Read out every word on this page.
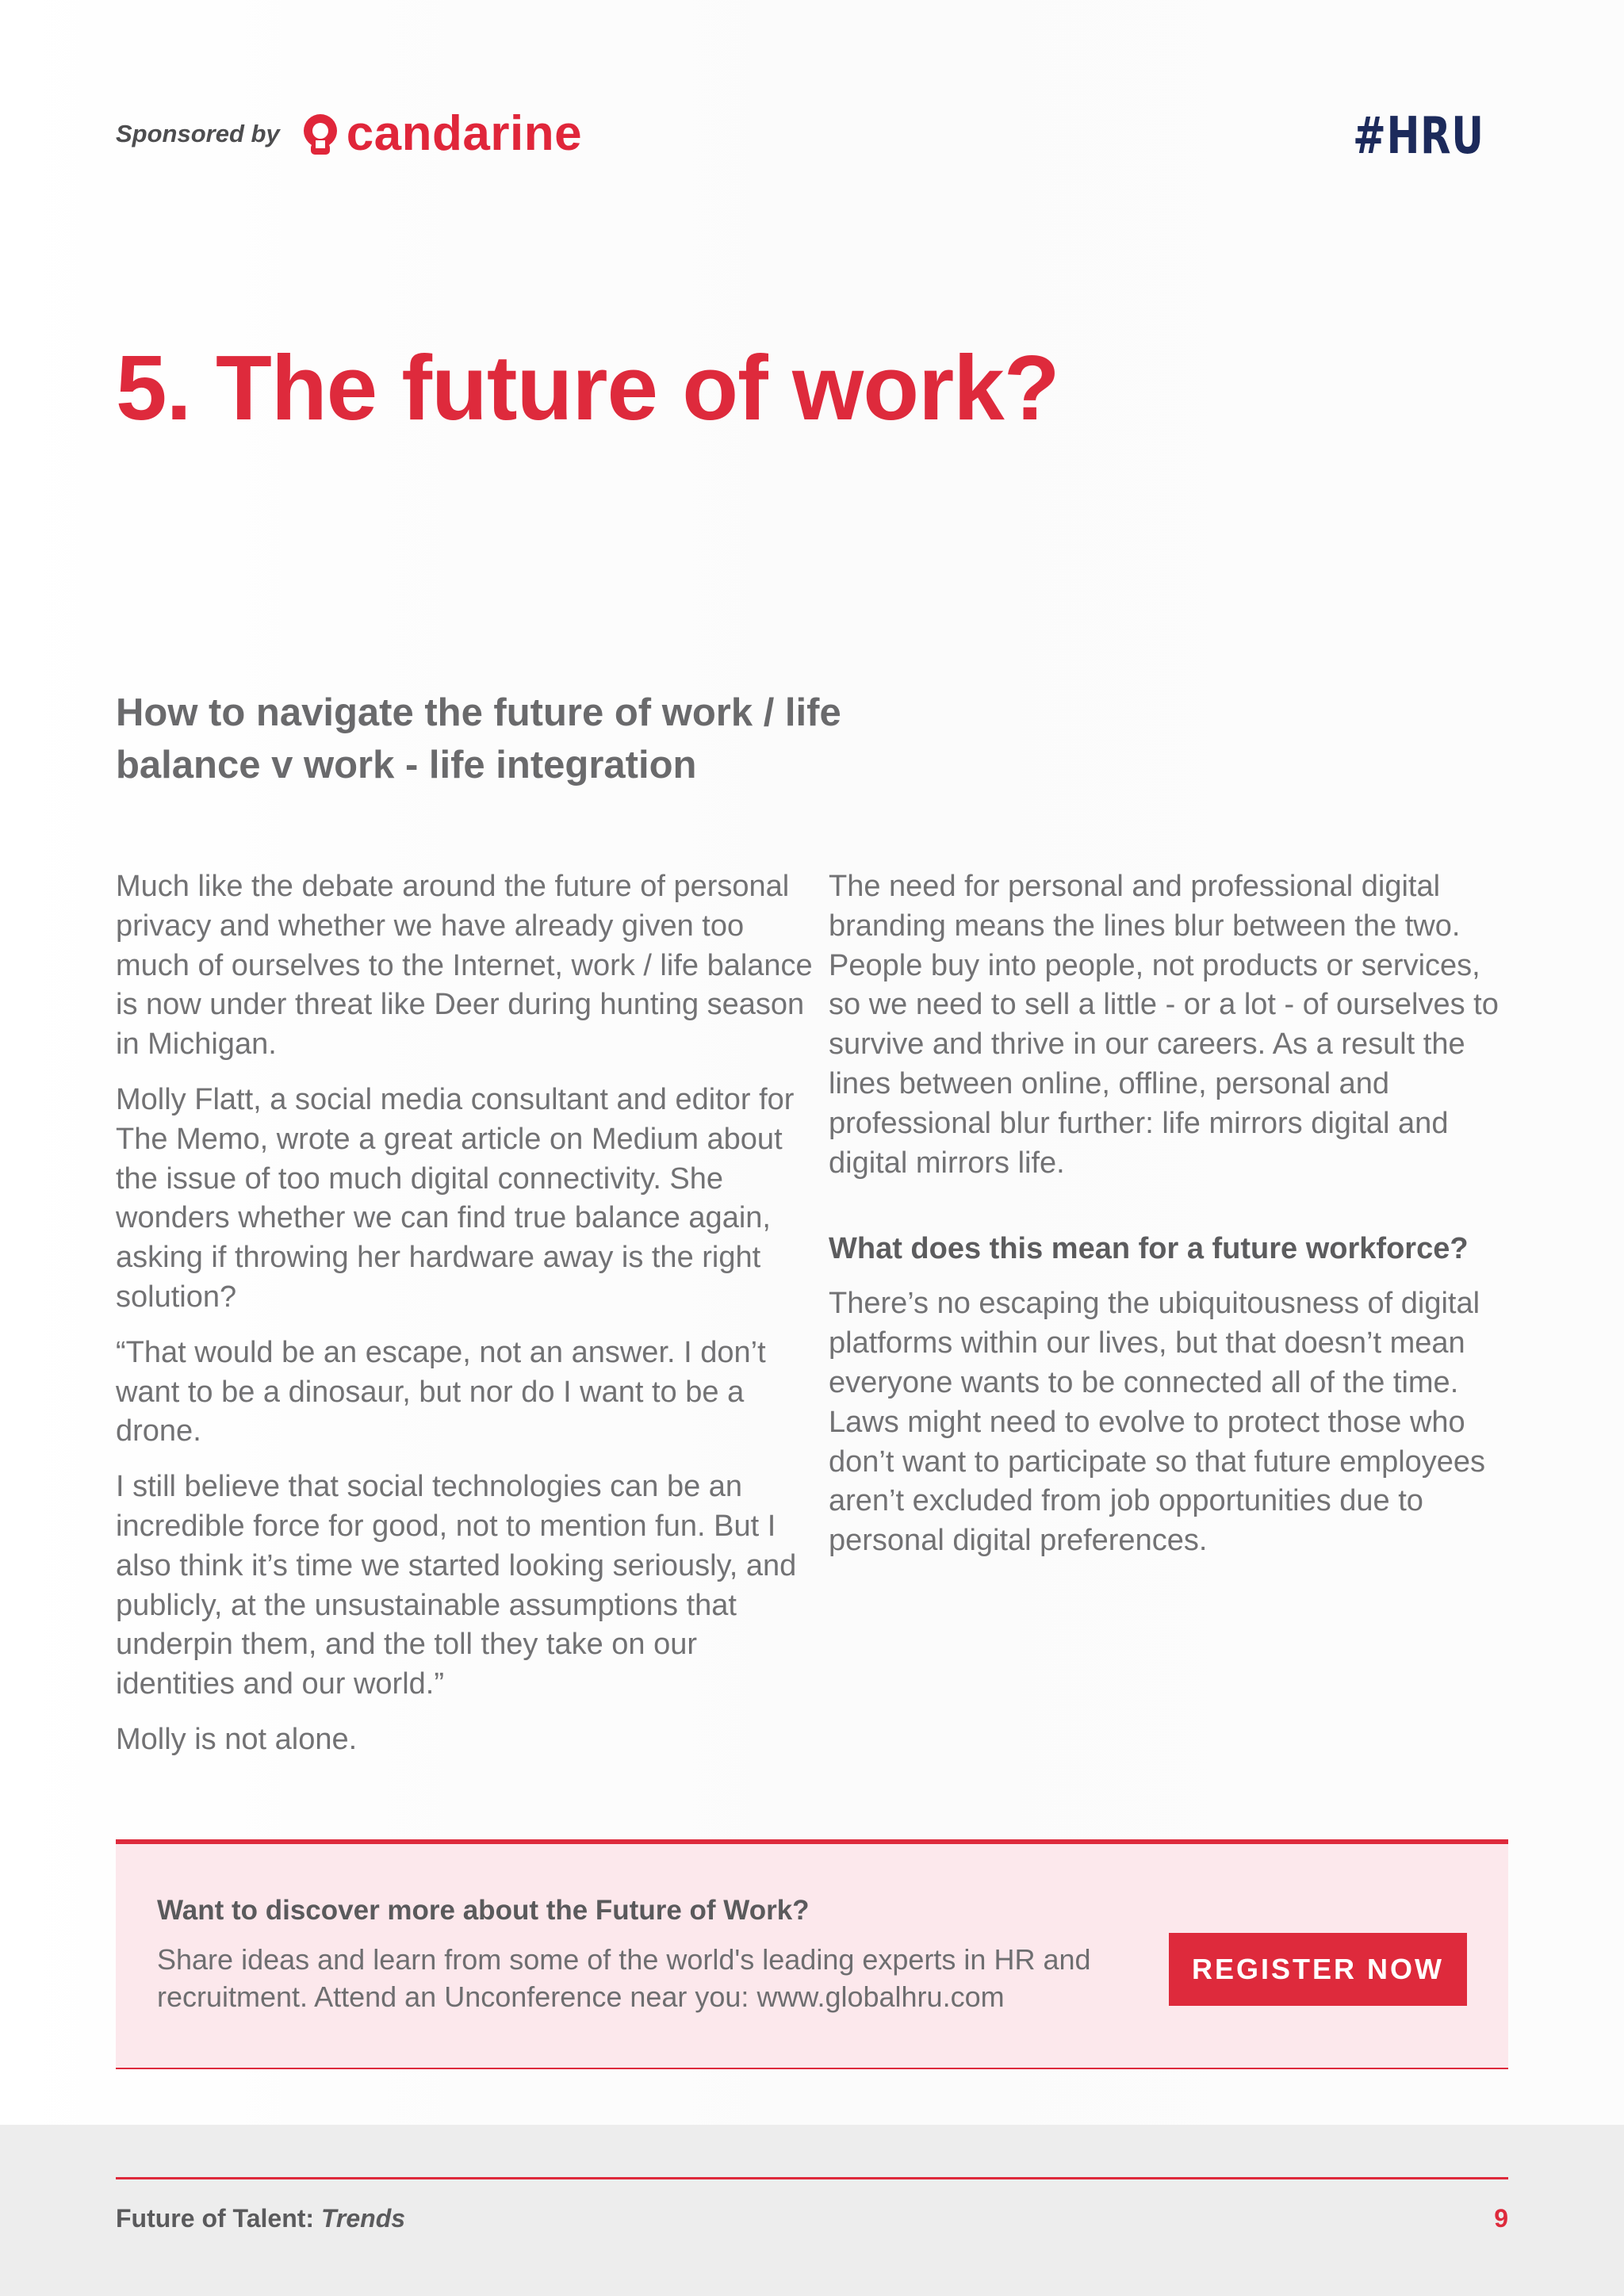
Sponsored by candarine	#HRU
5. The future of work?
How to navigate the future of work / life balance v work - life integration

Much like the debate around the future of personal privacy and whether we have already given too much of ourselves to the Internet, work / life balance is now under threat like Deer during hunting season in Michigan.

Molly Flatt, a social media consultant and editor for The Memo, wrote a great article on Medium about the issue of too much digital connectivity. She wonders whether we can find true balance again, asking if throwing her hardware away is the right solution?

“That would be an escape, not an answer. I don’t want to be a dinosaur, but nor do I want to be a drone.

I still believe that social technologies can be an incredible force for good, not to mention fun. But I also think it’s time we started looking seriously, and publicly, at the unsustainable assumptions that underpin them, and the toll they take on our identities and our world.”

Molly is not alone.

The need for personal and professional digital branding means the lines blur between the two. People buy into people, not products or services, so we need to sell a little - or a lot - of ourselves to survive and thrive in our careers. As a result the lines between online, offline, personal and professional blur further: life mirrors digital and digital mirrors life.

What does this mean for a future workforce?

There’s no escaping the ubiquitousness of digital platforms within our lives, but that doesn’t mean everyone wants to be connected all of the time. Laws might need to evolve to protect those who don’t want to participate so that future employees aren’t excluded from job opportunities due to personal digital preferences.

Want to discover more about the Future of Work?
Share ideas and learn from some of the world's leading experts in HR and recruitment. Attend an Unconference near you: www.globalhru.com
REGISTER NOW
Future of Talent: Trends	9
